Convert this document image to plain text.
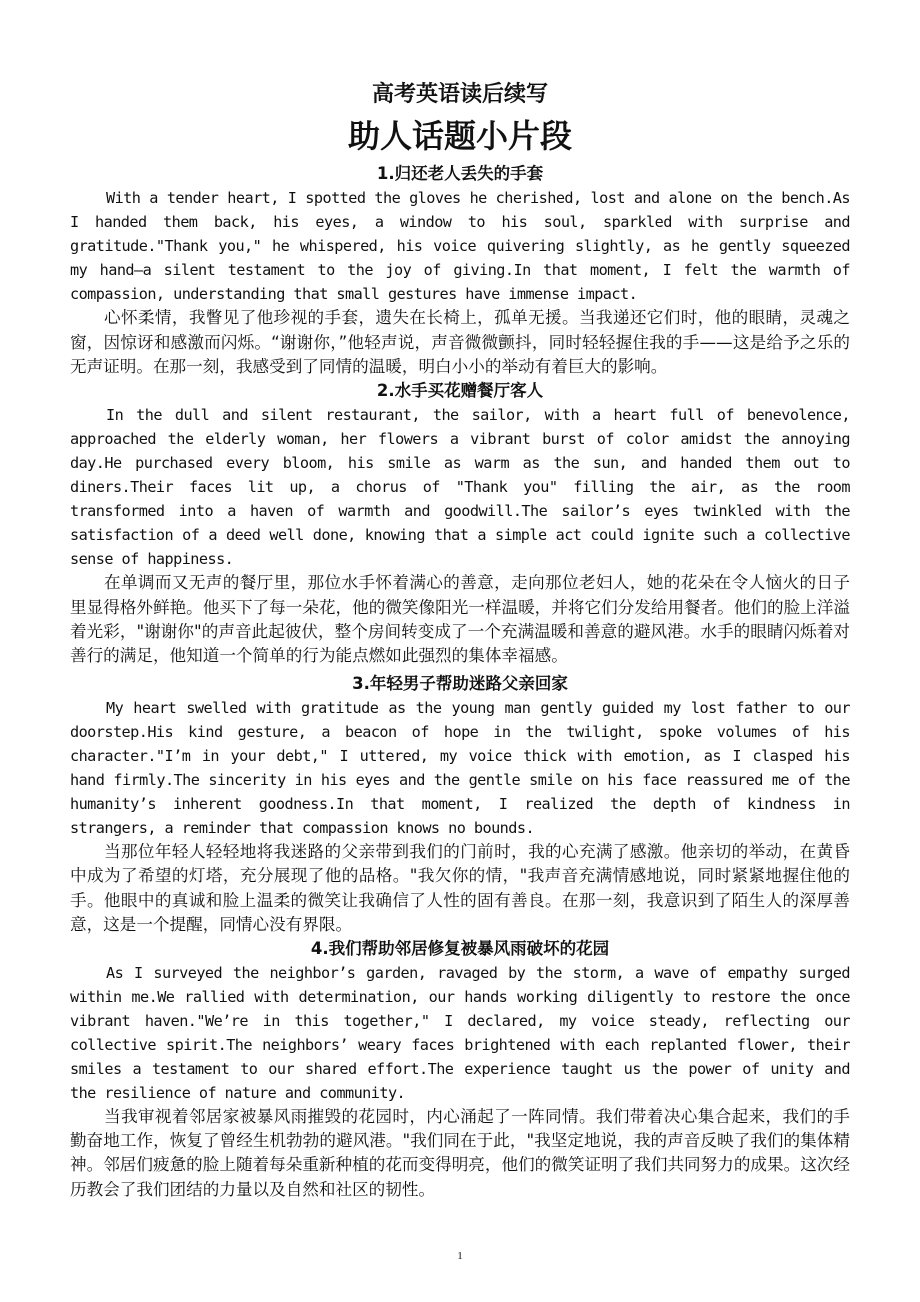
高考英语读后续写
助人话题小片段
1.归还老人丢失的手套

With a tender heart, I spotted the gloves he cherished, lost and alone on the bench.As I handed them back, his eyes, a window to his soul, sparkled with surprise and gratitude."Thank you," he whispered, his voice quivering slightly, as he gently squeezed my hand—a silent testament to the joy of giving.In that moment, I felt the warmth of compassion, understanding that small gestures have immense impact.

心怀柔情，我瞥见了他珍视的手套，遗失在长椅上，孤单无援。当我递还它们时，他的眼睛，灵魂之窗，因惊讶和感激而闪烁。“谢谢你，”他轻声说，声音微微颤抖，同时轻轻握住我的手——这是给予之乐的无声证明。在那一刻，我感受到了同情的温暖，明白小小的举动有着巨大的影响。

2.水手买花赠餐厅客人

In the dull and silent restaurant, the sailor, with a heart full of benevolence, approached the elderly woman, her flowers a vibrant burst of color amidst the annoying day.He purchased every bloom, his smile as warm as the sun, and handed them out to diners.Their faces lit up, a chorus of "Thank you" filling the air, as the room transformed into a haven of warmth and goodwill.The sailor’s eyes twinkled with the satisfaction of a deed well done, knowing that a simple act could ignite such a collective sense of happiness.

在单调而又无声的餐厅里，那位水手怀着满心的善意，走向那位老妇人，她的花朵在令人恼火的日子里显得格外鲜艳。他买下了每一朵花，他的微笑像阳光一样温暖，并将它们分发给用餐者。他们的脸上洋溢着光彩，"谢谢你"的声音此起彼伏，整个房间转变成了一个充满温暖和善意的避风港。水手的眼睛闪烁着对善行的满足，他知道一个简单的行为能点燃如此强烈的集体幸福感。

3.年轻男子帮助迷路父亲回家

My heart swelled with gratitude as the young man gently guided my lost father to our doorstep.His kind gesture, a beacon of hope in the twilight, spoke volumes of his character."I’m in your debt," I uttered, my voice thick with emotion, as I clasped his hand firmly.The sincerity in his eyes and the gentle smile on his face reassured me of the humanity’s inherent goodness.In that moment, I realized the depth of kindness in strangers, a reminder that compassion knows no bounds.

当那位年轻人轻轻地将我迷路的父亲带到我们的门前时，我的心充满了感激。他亲切的举动，在黄昏中成为了希望的灯塔，充分展现了他的品格。"我欠你的情，"我声音充满情感地说，同时紧紧地握住他的手。他眼中的真诚和脸上温柔的微笑让我确信了人性的固有善良。在那一刻，我意识到了陌生人的深厚善意，这是一个提醒，同情心没有界限。

4.我们帮助邻居修复被暴风雨破坏的花园

As I surveyed the neighbor’s garden, ravaged by the storm, a wave of empathy surged within me.We rallied with determination, our hands working diligently to restore the once vibrant haven."We’re in this together," I declared, my voice steady, reflecting our collective spirit.The neighbors’ weary faces brightened with each replanted flower, their smiles a testament to our shared effort.The experience taught us the power of unity and the resilience of nature and community.

当我审视着邻居家被暴风雨摧毁的花园时，内心涌起了一阵同情。我们带着决心集合起来，我们的手勤奋地工作，恢复了曾经生机勃勃的避风港。"我们同在于此，"我坚定地说，我的声音反映了我们的集体精神。邻居们疲惫的脸上随着每朵重新种植的花而变得明亮，他们的微笑证明了我们共同努力的成果。这次经历教会了我们团结的力量以及自然和社区的韧性。

1
